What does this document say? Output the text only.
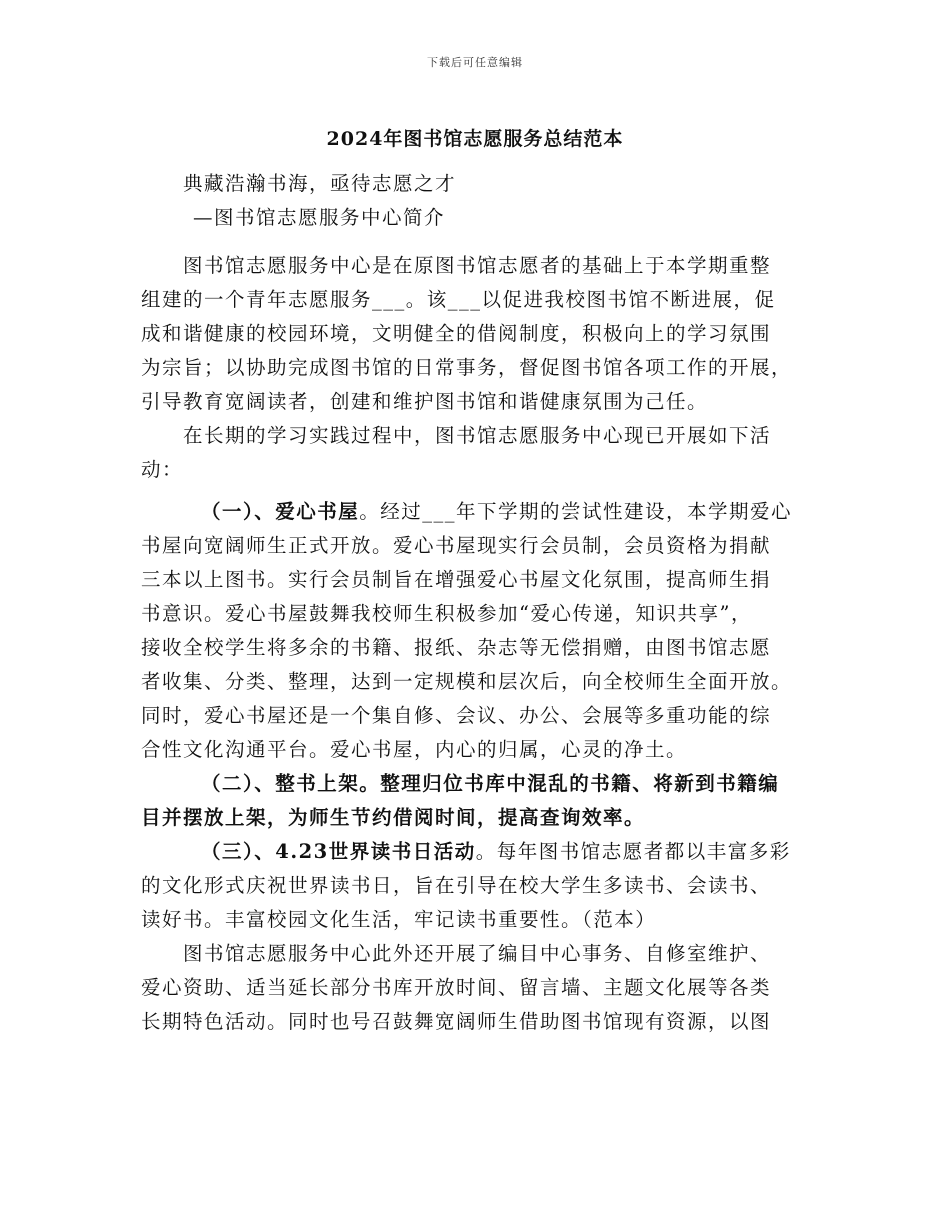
下载后可任意编辑
2024年图书馆志愿服务总结范本
典藏浩瀚书海，亟待志愿之才
—图书馆志愿服务中心简介
图书馆志愿服务中心是在原图书馆志愿者的基础上于本学期重整
组建的一个青年志愿服务___。该___以促进我校图书馆不断进展，促
成和谐健康的校园环境，文明健全的借阅制度，积极向上的学习氛围
为宗旨；以协助完成图书馆的日常事务，督促图书馆各项工作的开展，
引导教育宽阔读者，创建和维护图书馆和谐健康氛围为己任。
在长期的学习实践过程中，图书馆志愿服务中心现已开展如下活
动：
（一）、爱心书屋。经过___年下学期的尝试性建设，本学期爱心
书屋向宽阔师生正式开放。爱心书屋现实行会员制，会员资格为捐献
三本以上图书。实行会员制旨在增强爱心书屋文化氛围，提高师生捐
书意识。爱心书屋鼓舞我校师生积极参加“爱心传递，知识共享”，
接收全校学生将多余的书籍、报纸、杂志等无偿捐赠，由图书馆志愿
者收集、分类、整理，达到一定规模和层次后，向全校师生全面开放。
同时，爱心书屋还是一个集自修、会议、办公、会展等多重功能的综
合性文化沟通平台。爱心书屋，内心的归属，心灵的净土。
（二）、整书上架。整理归位书库中混乱的书籍、将新到书籍编
目并摆放上架，为师生节约借阅时间，提高查询效率。
（三）、4.23世界读书日活动。每年图书馆志愿者都以丰富多彩
的文化形式庆祝世界读书日，旨在引导在校大学生多读书、会读书、
读好书。丰富校园文化生活，牢记读书重要性。（范本）
图书馆志愿服务中心此外还开展了编目中心事务、自修室维护、
爱心资助、适当延长部分书库开放时间、留言墙、主题文化展等各类
长期特色活动。同时也号召鼓舞宽阔师生借助图书馆现有资源，以图
